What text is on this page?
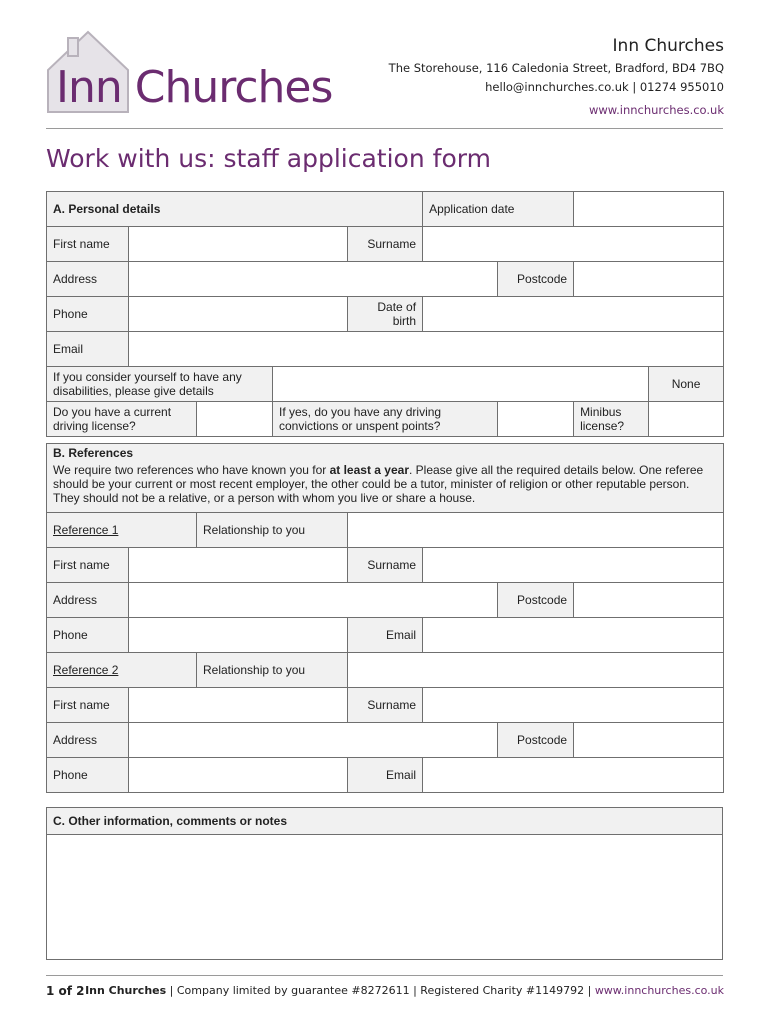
Inn Churches
Inn Churches
The Storehouse, 116 Caledonia Street, Bradford, BD4 7BQ
hello@innchurches.co.uk | 01274 955010
www.innchurches.co.uk
Work with us: staff application form
A. Personal details					Application date			
First name				Surname				
Address						Postcode		
Phone				Date of birth				
Email								
If you consider yourself to have any disabilities, please give details								None
Do you have a current driving license?			If yes, do you have any driving convictions or unspent points?				Minibus license?	

B. References
We require two references who have known you for at least a year. Please give all the required details below. One referee should be your current or most recent employer, the other could be a tutor, minister of religion or other reputable person. They should not be a relative, or a person with whom you live or share a house.								
Reference 1		Relationship to you						
First name				Surname				
Address						Postcode		
Phone				Email				
Reference 2		Relationship to you						
First name				Surname				
Address						Postcode		
Phone				Email				
C. Other information, comments or notes

1 of 2 Inn Churches | Company limited by guarantee #8272611 | Registered Charity #1149792 | www.innchurches.co.uk
